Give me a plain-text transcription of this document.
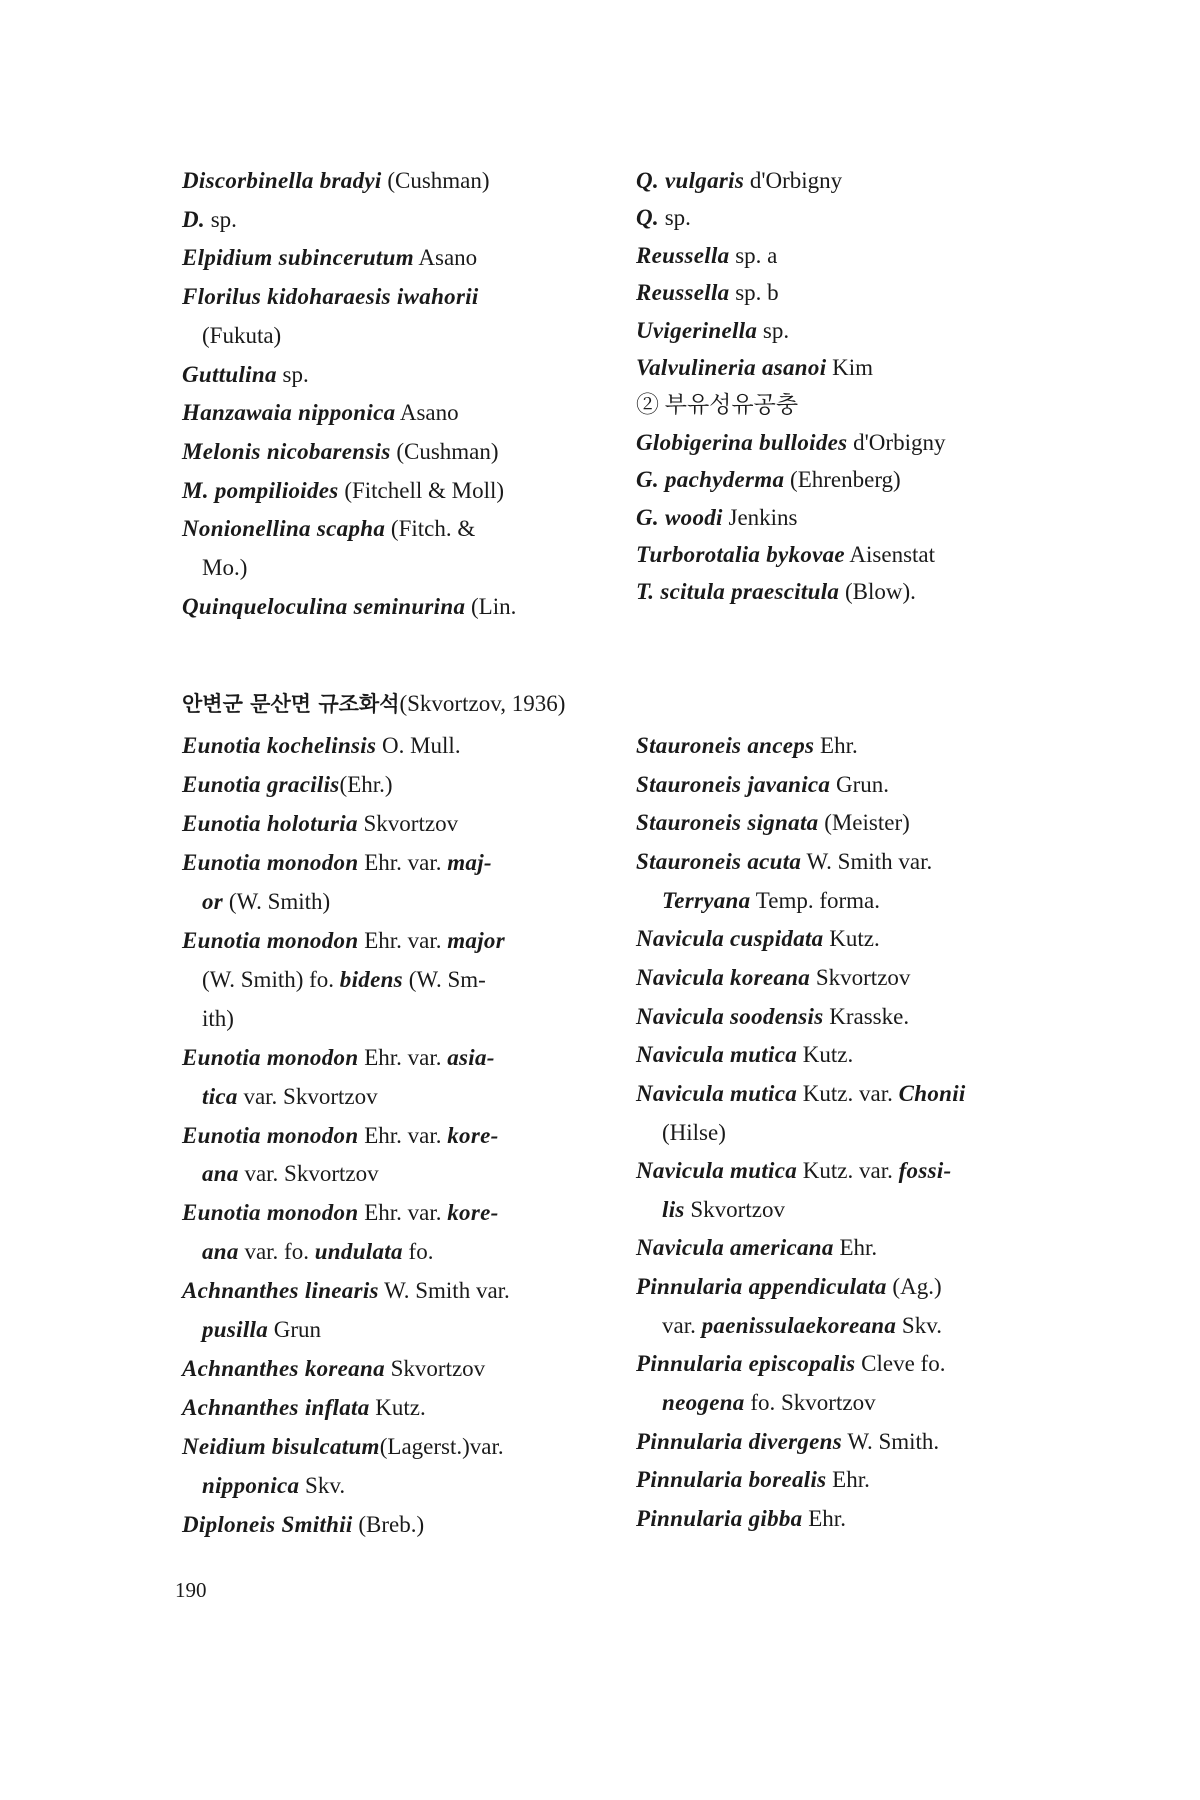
안변군 문산면 규조화석(Skvortzov, 1936)
190
Discorbinella bradyi (Cushman)
D. sp.
Elpidium subincerutum Asano
Florilus kidoharaesis iwahorii
(Fukuta)
Guttulina sp.
Hanzawaia nipponica Asano
Melonis nicobarensis (Cushman)
M. pompilioides (Fitchell & Moll)
Nonionellina scapha (Fitch. &
Mo.)
Quinqueloculina seminurina (Lin.
Q. vulgaris d'Orbigny
Q. sp.
Reussella sp. a
Reussella sp. b
Uvigerinella sp.
Valvulineria asanoi Kim
② 부유성유공충
Globigerina bulloides d'Orbigny
G. pachyderma (Ehrenberg)
G. woodi Jenkins
Turborotalia bykovae Aisenstat
T. scitula praescitula (Blow).
Eunotia kochelinsis O. Mull.
Eunotia gracilis(Ehr.)
Eunotia holoturia Skvortzov
Eunotia monodon Ehr. var. maj-
or (W. Smith)
Eunotia monodon Ehr. var. major
(W. Smith) fo. bidens (W. Sm-
ith)
Eunotia monodon Ehr. var. asia-
tica var. Skvortzov
Eunotia monodon Ehr. var. kore-
ana var. Skvortzov
Eunotia monodon Ehr. var. kore-
ana var. fo. undulata fo.
Achnanthes linearis W. Smith var.
pusilla Grun
Achnanthes koreana Skvortzov
Achnanthes inflata Kutz.
Neidium bisulcatum(Lagerst.)var.
nipponica Skv.
Diploneis Smithii (Breb.)
Stauroneis anceps Ehr.
Stauroneis javanica Grun.
Stauroneis signata (Meister)
Stauroneis acuta W. Smith var.
Terryana Temp. forma.
Navicula cuspidata Kutz.
Navicula koreana Skvortzov
Navicula soodensis Krasske.
Navicula mutica Kutz.
Navicula mutica Kutz. var. Chonii
(Hilse)
Navicula mutica Kutz. var. fossi-
lis Skvortzov
Navicula americana Ehr.
Pinnularia appendiculata (Ag.)
var. paenissulaekoreana Skv.
Pinnularia episcopalis Cleve fo.
neogena fo. Skvortzov
Pinnularia divergens W. Smith.
Pinnularia borealis Ehr.
Pinnularia gibba Ehr.
